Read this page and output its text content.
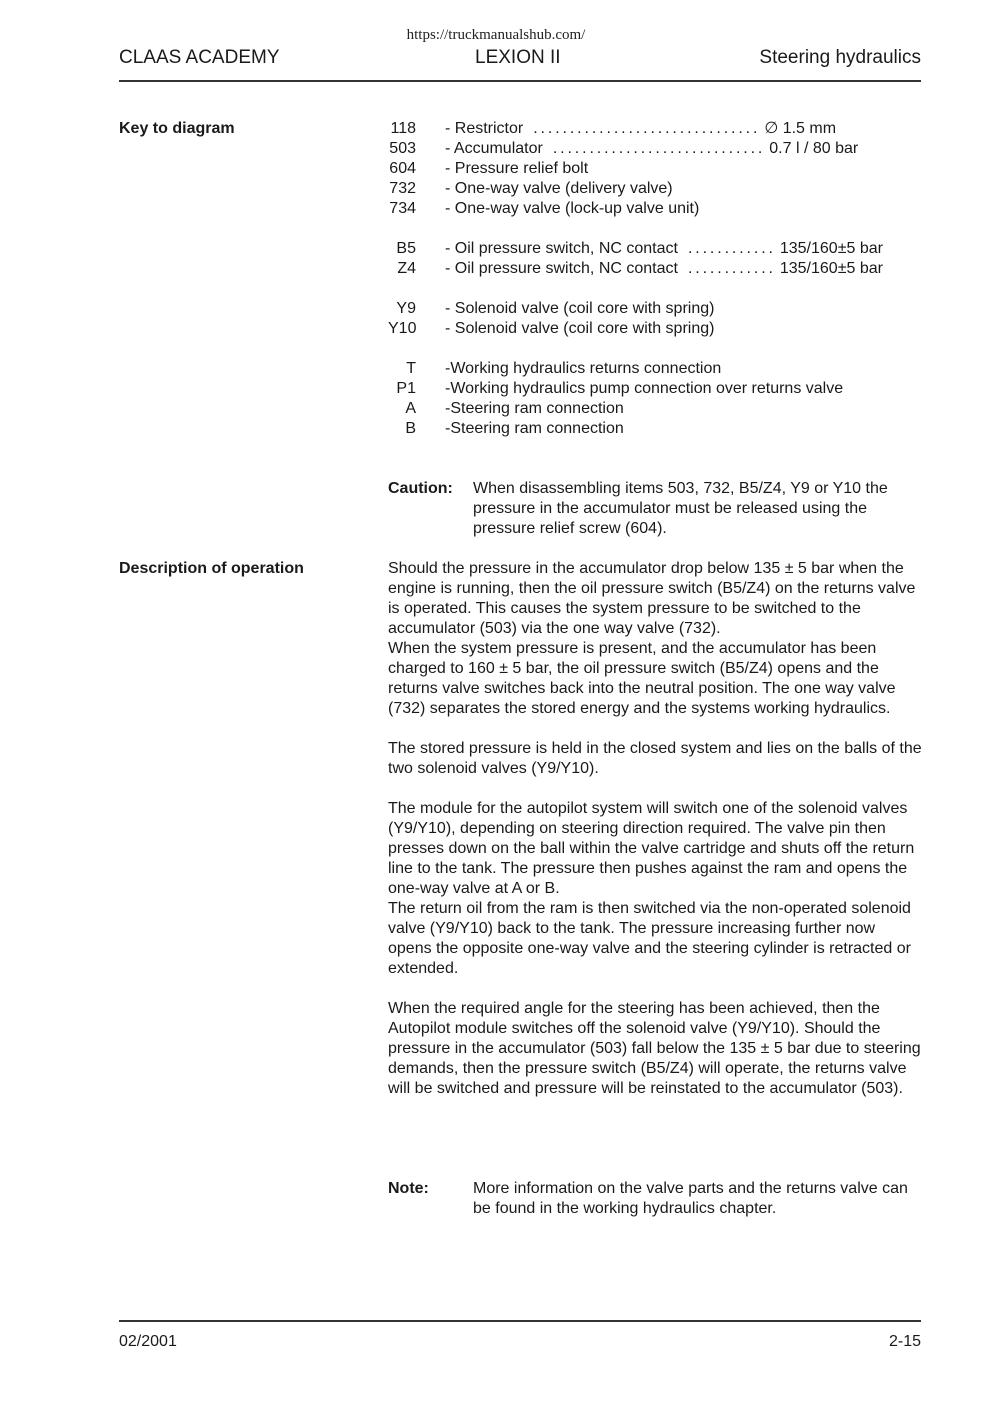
https://truckmanualshub.com/
CLAAS ACADEMY	LEXION II	Steering hydraulics
Key to diagram	118 - Restrictor ............................... ∅ 1.5 mm
503 - Accumulator ............................. 0.7 l / 80 bar
604 - Pressure relief bolt
732 - One-way valve (delivery valve)
734 - One-way valve (lock-up valve unit)
B5 - Oil pressure switch, NC contact ............ 135/160±5 bar
Z4 - Oil pressure switch, NC contact ............ 135/160±5 bar
Y9 - Solenoid valve (coil core with spring)
Y10 - Solenoid valve (coil core with spring)
T -Working hydraulics returns connection
P1 -Working hydraulics pump connection over returns valve
A -Steering ram connection
B -Steering ram connection
Caution:	When disassembling items 503, 732, B5/Z4, Y9 or Y10 the pressure in the accumulator must be released using the pressure relief screw (604).
Description of operation	Should the pressure in the accumulator drop below 135 ± 5 bar when the engine is running, then the oil pressure switch (B5/Z4) on the returns valve is operated. This causes the system pressure to be switched to the accumulator (503) via the one way valve (732).
When the system pressure is present, and the accumulator has been charged to 160 ± 5 bar, the oil pressure switch (B5/Z4) opens and the returns valve switches back into the neutral position. The one way valve (732) separates the stored energy and the systems working hydraulics.

The stored pressure is held in the closed system and lies on the balls of the two solenoid valves (Y9/Y10).

The module for the autopilot system will switch one of the solenoid valves (Y9/Y10), depending on steering direction required. The valve pin then presses down on the ball within the valve cartridge and shuts off the return line to the tank. The pressure then pushes against the ram and opens the one-way valve at A or B.
The return oil from the ram is then switched via the non-operated solenoid valve (Y9/Y10) back to the tank. The pressure increasing further now opens the opposite one-way valve and the steering cylinder is retracted or extended.

When the required angle for the steering has been achieved, then the Autopilot module switches off the solenoid valve (Y9/Y10). Should the pressure in the accumulator (503) fall below the 135 ± 5 bar due to steering demands, then the pressure switch (B5/Z4) will operate, the returns valve will be switched and pressure will be reinstated to the accumulator (503).

Note:	More information on the valve parts and the returns valve can be found in the working hydraulics chapter.
02/2001	2-15
